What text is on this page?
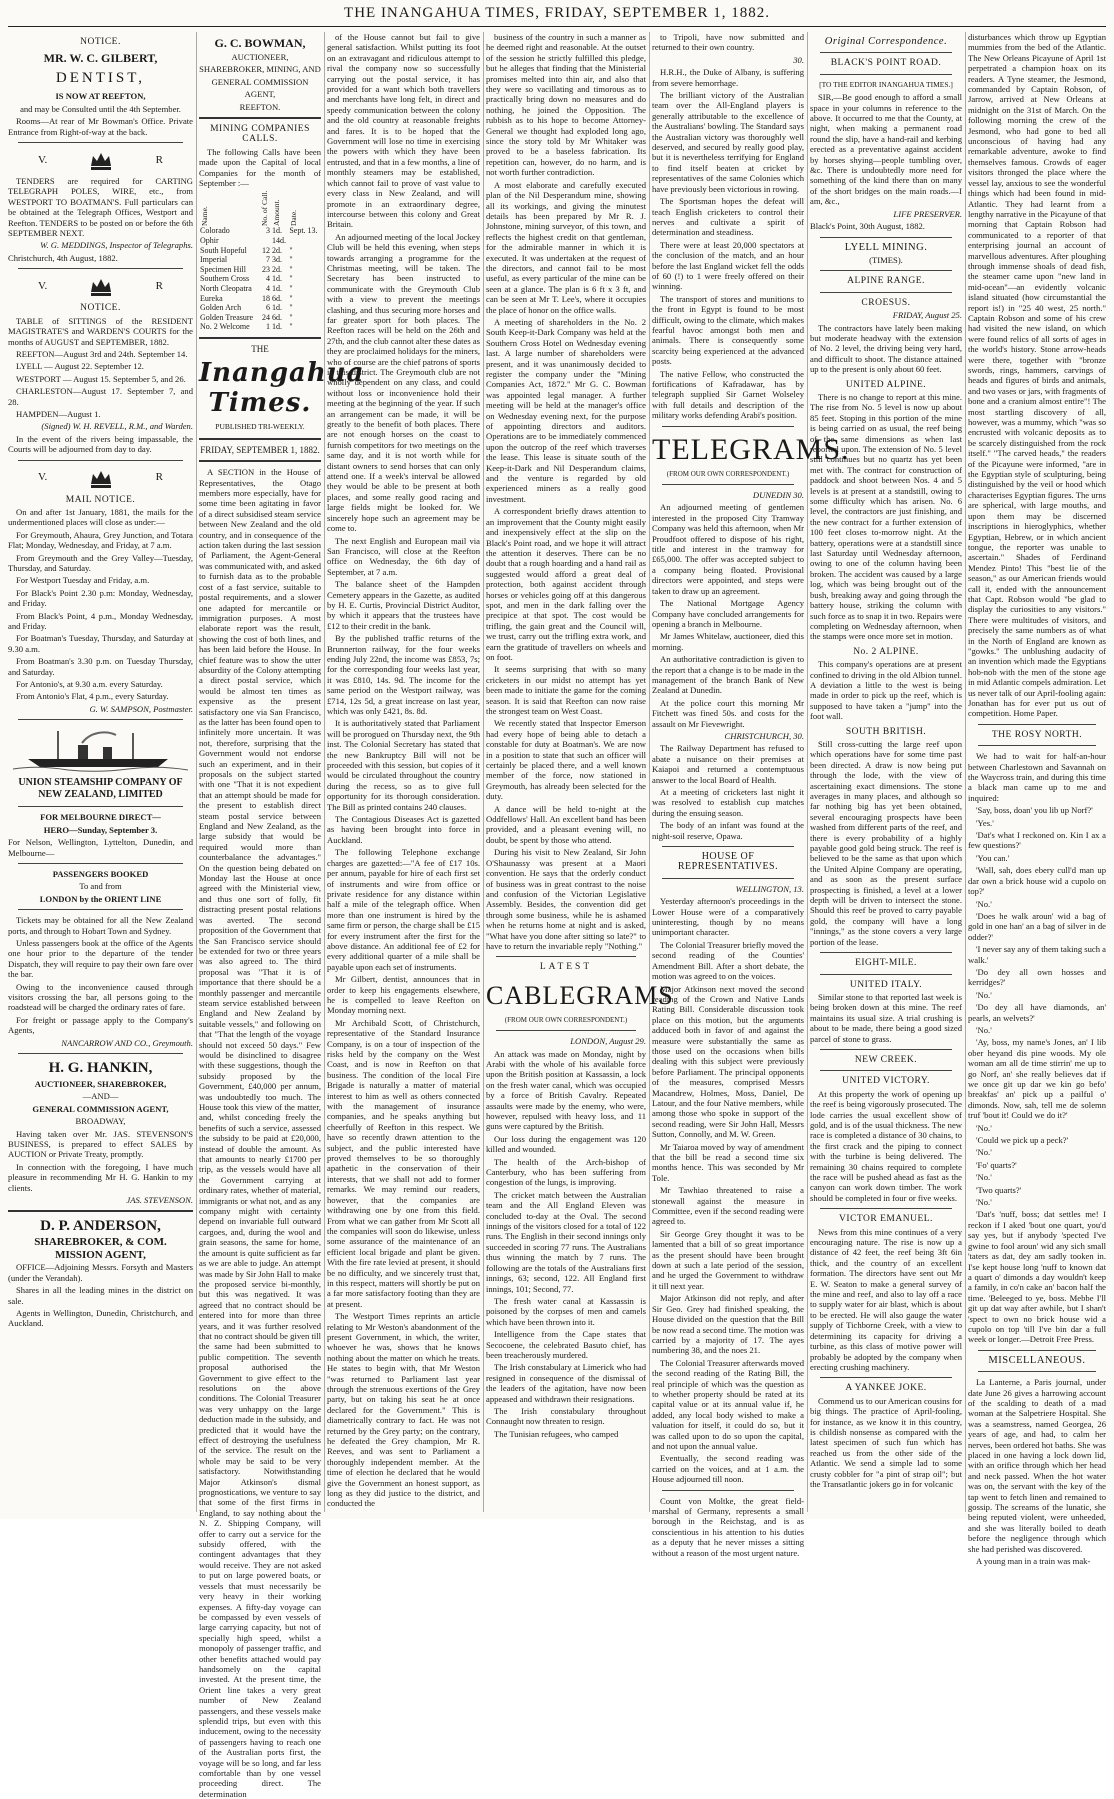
THE INANGAHUA TIMES, FRIDAY, SEPTEMBER 1, 1882.

NOTICE.

MR. W. C. GILBERT,

DENTIST,

IS NOW AT REEFTON,

and may be Consulted until the 4th September.

Rooms—At rear of Mr Bowman's Office. Private Entrance from Right-of-way at the back.

V.	R

TENDERS are required for CARTING TELEGRAPH POLES, WIRE, etc., from WESTPORT TO BOATMAN'S. Full particulars can be obtained at the Telegraph Offices, Westport and Reefton. TENDERS to be posted on or before the 6th SEPTEMBER NEXT.

W. G. MEDDINGS, Inspector of Telegraphs.

Christchurch, 4th August, 1882.

V.	R

NOTICE.

TABLE of SITTINGS of the RESIDENT MAGISTRATE'S and WARDEN'S COURTS for the months of AUGUST and SEPTEMBER, 1882.

REEFTON—August 3rd and 24th. September 14.

LYELL — August 22. September 12.

WESTPORT — August 15. September 5, and 26.

CHARLESTON—August 17. September 7, and 28.

HAMPDEN—August 1.

(Signed) W. H. REVELL, R.M., and Warden.

In the event of the rivers being impassable, the Courts will be adjourned from day to day.

V.	R

MAIL NOTICE.

On and after 1st January, 1881, the mails for the undermentioned places will close as under:—

For Greymouth, Ahaura, Grey Junction, and Totara Flat; Monday, Wednesday, and Friday, at 7 a.m.

From Greymouth and the Grey Valley—Tuesday, Thursday, and Saturday.

For Westport Tuesday and Friday, a.m.

For Black's Point 2.30 p.m: Monday, Wednesday, and Friday.

From Black's Point, 4 p.m., Monday Wednesday, and Friday.

For Boatman's Tuesday, Thursday, and Saturday at 9.30 a.m.

From Boatman's 3.30 p.m. on Tuesday Thursday, and Saturday.

For Antonio's, at 9.30 a.m. every Saturday.

From Antonio's Flat, 4 p.m., every Saturday.

G. W. SAMPSON, Postmaster.

UNION STEAMSHIP COMPANY OF NEW ZEALAND, LIMITED

FOR MELBOURNE DIRECT—

HERO—Sunday, September 3.

For Nelson, Wellington, Lyttelton, Dunedin, and Melbourne—

PASSENGERS BOOKED

To and from

LONDON by the ORIENT LINE

Tickets may be obtained for all the New Zealand ports, and through to Hobart Town and Sydney.

Unless passengers book at the office of the Agents one hour prior to the departure of the tender Dispatch, they will require to pay their own fare over the bar.

Owing to the inconvenience caused through visitors crossing the bar, all persons going to the roadstead will be charged the ordinary rates of fare.

For freight or passage apply to the Company's Agents,

NANCARROW AND CO., Greymouth.

H. G. HANKIN,

AUCTIONEER, SHAREBROKER,

—AND—

GENERAL COMMISSION AGENT,

BROADWAY,

Having taken over Mr. JAS. STEVENSON'S BUSINESS, is prepared to effect SALES by AUCTION or Private Treaty, promptly.

In connection with the foregoing, I have much pleasure in recommending Mr H. G. Hankin to my clients.

JAS. STEVENSON.

D. P. ANDERSON,

SHAREBROKER, & COM.

MISSION AGENT,

OFFICE—Adjoining Messrs. Forsyth and Masters (under the Verandah).

Shares in all the leading mines in the district on sale.

Agents in Wellington, Dunedin, Christchurch, and Auckland.

G. C. BOWMAN,

AUCTIONEER,

SHAREBROKER, MINING, AND

GENERAL COMMISSION

AGENT,

REEFTON.

MINING COMPANIES CALLS.

The following Calls have been made upon the Capital of local Companies for the month of September :—

Name.	No. of Call.	Amount.	Date.

Colorado	3	1d.	Sept. 13.
Ophir		14d.	
South Hopeful	12	2d.	"
Imperial	7	3d.	"
Specimen Hill	23	2d.	"
Southern Cross	4	1d.	"
North Cleopatra	4	1d.	"
Eureka	18	6d.	"
Golden Arch	6	1d.	"
Golden Treasure	24	6d.	"
No. 2 Welcome	1	1d.	"

THE

Inangahua Times.

PUBLISHED TRI-WEEKLY.

FRIDAY, SEPTEMBER 1, 1882.

A SECTION in the House of Representatives, the Otago members more especially, have for some time been agitating in favor of a direct subsidised steam service between New Zealand and the old country, and in consequence of the action taken during the last session of Parliament, the Agent-General was communicated with, and asked to furnish data as to the probable cost of a fast service, suitable to postal requirements, and a slower one adapted for mercantile or immigration purposes. A most elaborate report was the result, showing the cost of both lines, and has been laid before the House. In chief feature was to show the utter absurdity of the Colony attempting a direct postal service, which would be almost ten times as expensive as the present satisfactory one via San Francisco, as the latter has been found open to infinitely more uncertain. It was not, therefore, surprising that the Government would not endorse such an experiment, and in their proposals on the subject started with one "That it is not expedient that an attempt should be made for the present to establish direct steam postal service between England and New Zealand, as the large subsidy that would be required would more than counterbalance the advantages." On the question being debated on Monday last the House at once agreed with the Ministerial view, and thus one sort of folly, fit distracting present postal relations was averted. The second proposition of the Government that the San Francisco service should be extended for two or three years was also agreed to. The third proposal was "That it is of importance that there should be a monthly passenger and mercantile steam service established between England and New Zealand by suitable vessels," and following on that "That the length of the voyage should not exceed 50 days." Few would be disinclined to disagree with these suggestions, though the subsidy proposed by the Government, £40,000 per annum, was undoubtedly too much. The House took this view of the matter, and, whilst conceding freely the benefits of such a service, assessed the subsidy to be paid at £20,000, instead of double the amount. As that amounts to nearly £1700 per trip, as the vessels would have all the Government carrying at ordinary rates, whether of material, immigrants or what not, and as any company might with certainty depend on invariable full outward cargoes, and, during the wool and grain seasons, the same for home, the amount is quite sufficient as far as we are able to judge. An attempt was made by Sir John Hall to make the proposed service bi-monthly, but this was negatived. It was agreed that no contract should be entered into for more than three years, and it was further resolved that no contract should be given till the same had been submitted to public competition. The seventh proposal authorised the Government to give effect to the resolutions on the above conditions. The Colonial Treasurer was very unhappy on the large deduction made in the subsidy, and predicted that it would have the effect of destroying the usefulness of the service. The result on the whole may be said to be very satisfactory. Notwithstanding Major Atkinson's dismal prognostications, we venture to say that some of the first firms in England, to say nothing about the N. Z. Shipping Company, will offer to carry out a service for the subsidy offered, with the contingent advantages that they would receive. They are not asked to put on large powered boats, or vessels that must necessarily be very heavy in their working expenses. A fifty-day voyage can be compassed by even vessels of large carrying capacity, but not of specially high speed, whilst a monopoly of passenger traffic, and other benefits attached would pay handsomely on the capital invested. At the present time, the Orient line takes a very great number of New Zealand passengers, and these vessels make splendid trips, but even with this inducement, owing to the necessity of passengers having to reach one of the Australian ports first, the voyage will be so long, and far less comfortable than by one vessel proceeding direct. The determination

of the House cannot but fail to give general satisfaction. Whilst putting its foot on an extravagant and ridiculous attempt to rival the company now so successfully carrying out the postal service, it has provided for a want which both travellers and merchants have long felt, in direct and speedy communication between the colony and the old country at reasonable freights and fares. It is to be hoped that the Government will lose no time in exercising the powers with which they have been entrusted, and that in a few months, a line of monthly steamers may be established, which cannot fail to prove of vast value to every class in New Zealand, and will promote in an extraordinary degree, intercourse between this colony and Great Britain.

An adjourned meeting of the local Jockey Club will be held this evening, when steps towards arranging a programme for the Christmas meeting, will be taken. The Secretary has been instructed to communicate with the Greymouth Club with a view to prevent the meetings clashing, and thus securing more horses and far greater sport for both places. The Reefton races will be held on the 26th and 27th, and the club cannot alter these dates as they are proclaimed holidays for the miners, who of course are the chief patrons of sports in this district. The Greymouth club are not wholly dependent on any class, and could without loss or inconvenience hold their meeting at the beginning of the year. If such an arrangement can be made, it will be greatly to the benefit of both places. There are not enough horses on the coast to furnish competitors for two meetings on the same day, and it is not worth while for distant owners to send horses that can only attend one. If a week's interval be allowed they would be able to be present at both places, and some really good racing and large fields might be looked for. We sincerely hope such an agreement may be come to.

The next English and European mail via San Francisco, will close at the Reefton office on Wednesday, the 6th day of September, at 7 a.m.

The balance sheet of the Hampden Cemetery appears in the Gazette, as audited by H. E. Curtis, Provincial District Auditor, by which it appears that the trustees have £12 to their credit in the bank.

By the published traffic returns of the Brunnerton railway, for the four weeks ending July 22nd, the income was £853, 7s; for the corresponding four weeks last year, it was £810, 14s. 9d. The income for the same period on the Westport railway, was £714, 12s 5d, a great increase on last year, which was only £421, 8s. 8d.

It is authoritatively stated that Parliament will be prorogued on Thursday next, the 9th inst. The Colonial Secretary has stated that the new Bankruptcy Bill will not be proceeded with this session, but copies of it would be circulated throughout the country during the recess, so as to give full opportunity for its thorough consideration. The Bill as printed contains 240 clauses.

The Contagious Diseases Act is gazetted as having been brought into force in Auckland.

The following Telephone exchange charges are gazetted:—"A fee of £17 10s. per annum, payable for hire of each first set of instruments and wire from office or private residence for any distance within half a mile of the telegraph office. When more than one instrument is hired by the same firm or person, the charge shall be £15 for every instrument after the first for the above distance. An additional fee of £2 for every additional quarter of a mile shall be payable upon each set of instruments.

Mr Gilbert, dentist, announces that in order to keep his engagements elsewhere, he is compelled to leave Reefton on Monday morning next.

Mr Archibald Scott, of Christchurch, representative of the Standard Insurance Company, is on a tour of inspection of the risks held by the company on the West Coast, and is now in Reefton on that business. The condition of the local Fire Brigade is naturally a matter of material interest to him as well as others connected with the management of insurance companies, and he speaks anything but cheerfully of Reefton in this respect. We have so recently drawn attention to the subject, and the public interested have proved themselves to be so thoroughly apathetic in the conservation of their interests, that we shall not add to former remarks. We may remind our readers, however, that the companies are withdrawing one by one from this field. From what we can gather from Mr Scott all the companies will soon do likewise, unless some assurance of the maintenance of an efficient local brigade and plant be given. With the fire rate levied at present, it should be no difficulty, and we sincerely trust that, in this respect, matters will shortly be put on a far more satisfactory footing than they are at present.

The Westport Times reprints an article relating to Mr Weston's abandonment of the present Government, in which, the writer, whoever he was, shows that he knows nothing about the matter on which he treats. He states to begin with, that Mr Weston "was returned to Parliament last year through the strenuous exertions of the Grey party, but on taking his seat he at once declared for the Government." This is diametrically contrary to fact. He was not returned by the Grey party; on the contrary, he defeated the Grey champion, Mr R. Reeves, and was sent to Parliament a thoroughly independent member. At the time of election he declared that he would give the Government an honest support, as long as they did justice to the district, and conducted the

business of the country in such a manner as he deemed right and reasonable. At the outset of the session he strictly fulfilled this pledge, but he alleges that finding that the Ministerial promises melted into thin air, and also that they were so vacillating and timorous as to practically bring down no measures and do nothing, he joined the Opposition. The rubbish as to his hope to become Attorney-General we thought had exploded long ago, since the story told by Mr Whitaker was proved to be a baseless fabrication. Its repetition can, however, do no harm, and is not worth further contradiction.

A most elaborate and carefully executed plan of the Nil Desperandum mine, showing all its workings, and giving the minutest details has been prepared by Mr R. J. Johnstone, mining surveyor, of this town, and reflects the highest credit on that gentleman, for the admirable manner in which it is executed. It was undertaken at the request of the directors, and cannot fail to be most useful, as every particular of the mine can be seen at a glance. The plan is 6 ft x 3 ft, and can be seen at Mr T. Lee's, where it occupies the place of honor on the office walls.

A meeting of shareholders in the No. 2 South Keep-it-Dark Company was held at the Southern Cross Hotel on Wednesday evening last. A large number of shareholders were present, and it was unanimously decided to register the company under the "Mining Companies Act, 1872." Mr G. C. Bowman was appointed legal manager. A further meeting will be held at the manager's office on Wednesday evening next, for the purpose of appointing directors and auditors. Operations are to be immediately commenced upon the outcrop of the reef which traverses the lease. This lease is situate south of the Keep-it-Dark and Nil Desperandum claims, and the venture is regarded by old experienced miners as a really good investment.

A correspondent briefly draws attention to an improvement that the County might easily and inexpensively effect at the slip on the Black's Point road, and we hope it will attract the attention it deserves. There can be no doubt that a rough hoarding and a hand rail as suggested would afford a great deal of protection, both against accident through horses or vehicles going off at this dangerous spot, and men in the dark falling over the precipice at that spot. The cost would be trifling, the gain great and the Council will, we trust, carry out the trifling extra work, and earn the gratitude of travellers on wheels and on foot.

It seems surprising that with so many cricketers in our midst no attempt has yet been made to initiate the game for the coming season. It is said that Reefton can now raise the strongest team on West Coast.

We recently stated that Inspector Emerson had every hope of being able to detach a constable for duty at Boatman's. We are now in a position to state that such an officer will certainly be placed there, and a well known member of the force, now stationed in Greymouth, has already been selected for the duty.

A dance will be held to-night at the Oddfellows' Hall. An excellent band has been provided, and a pleasant evening will, no doubt, be spent by those who attend.

During his visit to New Zealand, Sir John O'Shaunassy was present at a Maori convention. He says that the orderly conduct of business was in great contrast to the noise and confusion of the Victorian Legislative Assembly. Besides, the convention did get through some business, while he is ashamed when he returns home at night and is asked, "What have you done after sitting so late?" to have to return the invariable reply "Nothing."

LATEST

CABLEGRAMS

(FROM OUR OWN CORRESPONDENT.)

LONDON, August 29.

An attack was made on Monday, night by Arabi with the whole of his available force upon the British position at Kassassin, a lock on the fresh water canal, which was occupied by a force of British Cavalry. Repeated assaults were made by the enemy, who were, however, repulsed with heavy loss, and 11 guns were captured by the British.

Our loss during the engagement was 120 killed and wounded.

The health of the Arch-bishop of Canterbury, who has been suffering from congestion of the lungs, is improving.

The cricket match between the Australian team and the All England Eleven was concluded to-day at the Oval. The second innings of the visitors closed for a total of 122 runs. The English in their second innings only succeeded in scoring 77 runs. The Australians thus winning the match by 7 runs. The following are the totals of the Australians first innings, 63; second, 122. All England first innings, 101; Second, 77.

The fresh water canal at Kassassin is poisoned by the corpses of men and camels which have been thrown into it.

Intelligence from the Cape states that Secocoene, the celebrated Basuto chief, has been treacherously murdered.

The Irish constabulary at Limerick who had resigned in consequence of the dismissal of the leaders of the agitation, have now been appeased and withdrawn their resignations.

The Irish constabulary throughout Connaught now threaten to resign.

The Tunisian refugees, who camped

to Tripoli, have now submitted and returned to their own country.

30.

H.R.H., the Duke of Albany, is suffering from severe hemorrhage.

The brilliant victory of the Australian team over the All-England players is generally attributable to the excellence of the Australians' bowling. The Standard says the Australian victory was thoroughly well deserved, and secured by really good play, but it is nevertheless terrifying for England to find itself beaten at cricket by representatives of the same Colonies which have previously been victorious in rowing.

The Sportsman hopes the defeat will teach English cricketers to control their nerves and cultivate a spirit of determination and steadiness.

There were at least 20,000 spectators at the conclusion of the match, and an hour before the last England wicket fell the odds of 60 (!) to 1 were freely offered on their winning.

The transport of stores and munitions to the front in Egypt is found to be most difficult, owing to the climate, which makes fearful havoc amongst both men and animals. There is consequently some scarcity being experienced at the advanced posts.

The native Fellow, who constructed the fortifications of Kafradawar, has by telegraph supplied Sir Garnet Wolseley with full details and description of the military works defending Arabi's position.

TELEGRAMS.

(FROM OUR OWN CORRESPONDENT.)

DUNEDIN 30.

An adjourned meeting of gentlemen interested in the proposed City Tramway Company was held this afternoon, when Mr Proudfoot offered to dispose of his right, title and interest in the tramway for £65,000. The offer was accepted subject to a company being floated. Provisional directors were appointed, and steps were taken to draw up an agreement.

The National Mortgage Agency Company have concluded arrangements for opening a branch in Melbourne.

Mr James Whitelaw, auctioneer, died this morning.

An authoritative contradiction is given to the report that a change is to be made in the management of the branch Bank of New Zealand at Dunedin.

At the police court this morning Mr Fitchett was fined 50s. and costs for the assault on Mr Fievewright.

CHRISTCHURCH, 30.

The Railway Department has refused to abate a nuisance on their premises at Kaiapoi and returned a contemptuous answer to the local Board of Health.

At a meeting of cricketers last night it was resolved to establish cup matches during the ensuing season.

The body of an infant was found at the night-soil reserve, Opawa.

HOUSE OF REPRESENTATIVES.

WELLINGTON, 13.

Yesterday afternoon's proceedings in the Lower House were of a comparatively uninteresting, though by no means unimportant character.

The Colonial Treasurer briefly moved the second reading of the Counties' Amendment Bill. After a short debate, the motion was agreed to on the voices.

Major Atkinson next moved the second reading of the Crown and Native Lands Rating Bill. Considerable discussion took place on this motion, but the arguments adduced both in favor of and against the measure were substantially the same as those used on the occasions when bills dealing with this subject were previously before Parliament. The principal opponents of the measures, comprised Messrs Macandrew, Holmes, Moss, Daniel, De Latour, and the four Native members, while among those who spoke in support of the second reading, were Sir John Hall, Messrs Sutton, Connolly, and M. W. Green.

Mr Taiaroa moved by way of amendment that the bill be read a second time six months hence. This was seconded by Mr Tole.

Mr Tawhiao threatened to raise a stonewall against the measure in Committee, even if the second reading were agreed to.

Sir George Grey thought it was to be lamented that a bill of so great importance as the present should have been brought down at such a late period of the session, and he urged the Government to withdraw it till next year.

Major Atkinson did not reply, and after Sir Geo. Grey had finished speaking, the House divided on the question that the Bill be now read a second time. The motion was carried by a majority of 17. The ayes numbering 38, and the noes 21.

The Colonial Treasurer afterwards moved the second reading of the Rating Bill, the real principle of which was the question as to whether property should be rated at its capital value or at its annual value if, he added, any local body wished to make a valuation for itself, it could do so, but it was called upon to do so upon the capital, and not upon the annual value.

Eventually, the second reading was carried on the voices, and at 1 a.m. the House adjourned till noon.

Count von Moltke, the great field-marshal of Germany, represents a small borough in the Reichstag, and is as conscientious in his attention to his duties as a deputy that he never misses a sitting without a reason of the most urgent nature.

Original Correspondence.

BLACK'S POINT ROAD.

[TO THE EDITOR INANGAHUA TIMES.]

SIR,—Be good enough to afford a small space in your columns in reference to the above. It occurred to me that the County, at night, when making a permanent road round the slip, have a hand-rail and kerbing erected as a preventative against accident by horses shying—people tumbling over, &c. There is undoubtedly more need for something of the kind there than on many of the short bridges on the main roads.—I am, &c.,

LIFE PRESERVER.

Black's Point, 30th August, 1882.

LYELL MINING.

(TIMES).

ALPINE RANGE.

CROESUS.

FRIDAY, August 25.

The contractors have lately been making but moderate headway with the extension of No. 2 level, the driving being very hard, and difficult to shoot. The distance attained up to the present is only about 60 feet.

UNITED ALPINE.

There is no change to report at this mine. The rise from No. 5 level is now up about 85 feet. Stoping in this portion of the mine is being carried on as usual, the reef being of the same dimensions as when last reported upon. The extension of No. 5 level still continues but no quartz has yet been met with. The contract for construction of paddock and shoot between Nos. 4 and 5 levels is at present at a standstill, owing to some difficulty which has arisen. No. 6 level, the contractors are just finishing, and the new contract for a further extension of 100 feet closes to-morrow night. At the battery, operations were at a standstill since last Saturday until Wednesday afternoon, owing to one of the column having been broken. The accident was caused by a large log, which was being brought out of the bush, breaking away and going through the battery house, striking the column with such force as to snap it in two. Repairs were completing on Wednesday afternoon, when the stamps were once more set in motion.

No. 2 ALPINE.

This company's operations are at present confined to driving in the old Albion tunnel. A deviation a little to the west is being made in order to pick up the reef, which is supposed to have taken a "jump" into the foot wall.

SOUTH BRITISH.

Still cross-cutting the large reef upon which operations have for some time past been directed. A draw is now being put through the lode, with the view of ascertaining exact dimensions. The stone averages in many places, and although so far nothing big has yet been obtained, several encouraging prospects have been washed from different parts of the reef, and there is every probability of a highly payable good gold being struck. The reef is believed to be the same as that upon which the United Alpine Company are operating, and as soon as the present surface prospecting is finished, a level at a lower depth will be driven to intersect the stone. Should this reef be proved to carry payable gold, the company will have a long "innings," as the stone covers a very large portion of the lease.

EIGHT-MILE.

UNITED ITALY.

Similar stone to that reported last week is being broken down at this mine. The reef maintains its usual size. A trial crushing is about to be made, there being a good sized parcel of stone to grass.

NEW CREEK.

UNITED VICTORY.

At this property the work of opening up the reef is being vigorously prosecuted. The lode carries the usual excellent show of gold, and is of the usual thickness. The new race is completed a distance of 30 chains, to the first crack and the piping to connect with the turbine is being delivered. The remaining 30 chains required to complete the race will be pushed ahead as fast as the canyon can work down timber. The work should be completed in four or five weeks.

VICTOR EMANUEL.

News from this mine continues of a very encouraging nature. The rise is now up a distance of 42 feet, the reef being 3ft 6in thick, and the country of an excellent formation. The directors have sent out Mr E. W. Seaton to make a general survey of the mine and reef, and also to lay off a race to supply water for air blast, which is about to be erected. He will also gauge the water supply of Tichborne Creek, with a view to determining its capacity for driving a turbine, as this class of motive power will probably be adopted by the company when erecting crushing machinery.

A YANKEE JOKE.

Commend us to our American cousins for big things. The practice of April-fooling, for instance, as we know it in this country, is childish nonsense as compared with the latest specimen of such fun which has reached us from the other side of the Atlantic. We send a simple lad to some crusty cobbler for "a pint of strap oil"; but the Transatlantic jokers go in for volcanic

disturbances which throw up Egyptian mummies from the bed of the Atlantic. The New Orleans Picayune of April 1st perpetrated a champion hoax on its readers. A Tyne steamer, the Jesmond, commanded by Captain Robson, of Jarrow, arrived at New Orleans at midnight on the 31st of March. On the following morning the crew of the Jesmond, who had gone to bed all unconscious of having had any remarkable adventure, awoke to find themselves famous. Crowds of eager visitors thronged the place where the vessel lay, anxious to see the wonderful things which had been found in mid-Atlantic. They had learnt from a lengthy narrative in the Picayune of that morning that Captain Robson had communicated to a reporter of that enterprising journal an account of marvellous adventures. After ploughing through immense shoals of dead fish, the steamer came upon "new land in mid-ocean"—an evidently volcanic island situated (how circumstantial the report is!) in "25 40 west, 25 north." Captain Robson and some of his crew had visited the new island, on which were found relics of all sorts of ages in the world's history. Stone arrow-heads were there, together with "bronze swords, rings, hammers, carvings of heads and figures of birds and animals, and two vases or jars, with fragments of bone and a cranium almost entire"! The most startling discovery of all, however, was a mummy, which "was so encrusted with volcanic deposits as to be scarcely distinguished from the rock itself." "The carved heads," the readers of the Picayune were informed, "are in the Egyptian style of sculpturing, being distinguished by the veil or hood which characterises Egyptian figures. The urns are spherical, with large mouths, and upon them may be discerned inscriptions in hieroglyphics, whether Egyptian, Hebrew, or in which ancient tongue, the reporter was unable to ascertain." Shades of Ferdinand Mendez Pinto! This "best lie of the season," as our American friends would call it, ended with the announcement that Capt. Robson would "be glad to display the curiosities to any visitors." There were multitudes of visitors, and precisely the same numbers as of what in the North of England are known as "gowks." The unblushing audacity of an invention which made the Egyptians hob-nob with the men of the stone age in mid Atlantic compels admiration. Let us never talk of our April-fooling again: Jonathan has for ever put us out of competition. Home Paper.

THE ROSY NORTH.

We had to wait for half-an-hour between Charlestown and Savannah on the Waycross train, and during this time a black man came up to me and inquired:

'Say, boss, doan' you lib up Norf?'

'Yes.'

'Dat's what I reckoned on. Kin I ax a few questions?'

'You can.'

'Wall, sah, does ebery cull'd man up dar own a brick house wid a cupolo on top?'

'No.'

'Does he walk aroun' wid a bag of gold in one han' an a bag of silver in de odder?'

'I never say any of them taking such a walk.'

'Do dey all own hosses and kerridges?'

'No.'

'Do dey all have diamonds, an' pearls, an welvets?'

'No.'

'Ay, boss, my name's Jones, an' I lib ober heyand dis pine woods. My ole woman am all de time stirrin' me up to go Norf, an' she really believes dat if we once git up dar we kin go befo' breakfas' an' pick up a pailful o' dimonds. Now, sah, tell me de solemn truf 'bout it! Could we do it?'

'No.'

'Could we pick up a peck?'

'No.'

'Fo' quarts?'

'No.'

'Two quarts?'

'No.'

'Dat's 'nuff, boss; dat settles me! I reckon if I aked 'bout one quart, you'd say yes, but if anybody 'spected I've gwine to fool aroun' wid any sich small 'taters as dat, dey am sadly tooken in. I'se kept house long 'nuff to known dat a quart o' dimonds a day wouldn't keep a family, in co'n cake an' bacon half the time. 'Beleeged to ye, boss. Mebbe I'll git up dat way after awhile, but I shan't 'spect to own no brick house wid a cupolo on top 'till I've bin dar a full week or longer.—Detroit Free Press.

MISCELLANEOUS.

La Lanterne, a Paris journal, under date June 26 gives a harrowing account of the scalding to death of a mad woman at the Salpetriere Hospital. She was a seamstress, named Georgea, 26 years of age, and had, to calm her nerves, been ordered hot baths. She was placed in one having a lock down lid, with an orifice through which her head and neck passed. When the hot water was on, the servant with the key of the tap went to fetch linen and remained to gossip. The screams of the lunatic, she being reputed violent, were unheeded, and she was literally boiled to death before the negligence through which she had perished was discovered.

A young man in a train was mak-
